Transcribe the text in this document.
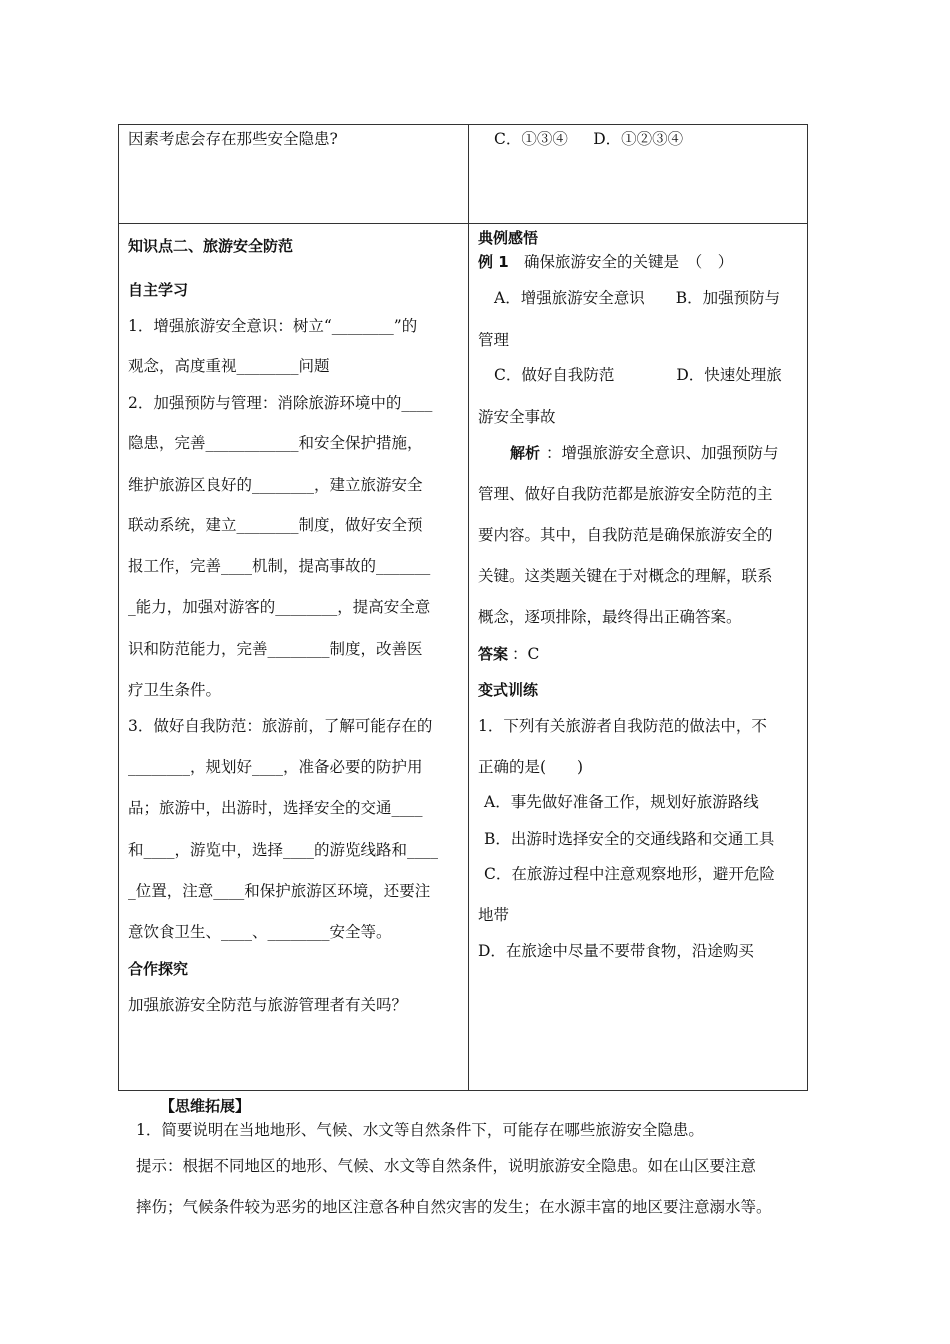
因素考虑会存在那些安全隐患?	C．①③④ 　 D．①②③④
知识点二、旅游安全防范
自主学习
1．增强旅游安全意识：树立“________”的
观念，高度重视________问题
2．加强预防与管理：消除旅游环境中的____
隐患，完善____________和安全保护措施，
维护旅游区良好的________，建立旅游安全
联动系统，建立________制度，做好安全预
报工作，完善____机制，提高事故的_______
_能力，加强对游客的________，提高安全意
识和防范能力，完善________制度，改善医
疗卫生条件。
3．做好自我防范：旅游前，了解可能存在的
________，规划好____，准备必要的防护用
品；旅游中，出游时，选择安全的交通____
和____，游览中，选择____的游览线路和____
_位置，注意____和保护旅游区环境，还要注
意饮食卫生、____、________安全等。
合作探究
加强旅游安全防范与旅游管理者有关吗？
典例感悟
例 1 确保旅游安全的关键是　（　）
A．增强旅游安全意识　　B．加强预防与
管理
C．做好自我防范　　　　D．快速处理旅
游安全事故
解析 ：增强旅游安全意识、加强预防与
管理、做好自我防范都是旅游安全防范的主
要内容。其中，自我防范是确保旅游安全的
关键。这类题关键在于对概念的理解，联系
概念，逐项排除，最终得出正确答案。
答案 ：C
变式训练
1．下列有关旅游者自我防范的做法中，不
正确的是(　　)
A．事先做好准备工作，规划好旅游路线
B．出游时选择安全的交通线路和交通工具
C．在旅游过程中注意观察地形，避开危险
地带
D．在旅途中尽量不要带食物，沿途购买
【思维拓展】
1．简要说明在当地地形、气候、水文等自然条件下，可能存在哪些旅游安全隐患。
提示：根据不同地区的地形、气候、水文等自然条件，说明旅游安全隐患。如在山区要注意
摔伤；气候条件较为恶劣的地区注意各种自然灾害的发生；在水源丰富的地区要注意溺水等。
